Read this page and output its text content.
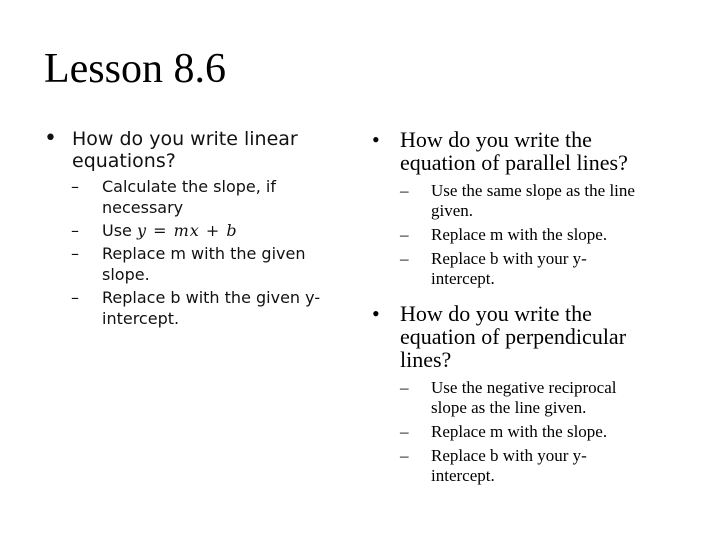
Lesson 8.6
• How do you write linear
equations?
– Calculate the slope, if
necessary
– Use y = mx + b
– Replace m with the given
slope.
– Replace b with the given y-
intercept.
• How do you write the
equation of parallel lines?
– Use the same slope as the line
given.
– Replace m with the slope.
– Replace b with your y-
intercept.
• How do you write the
equation of perpendicular
lines?
– Use the negative reciprocal
slope as the line given.
– Replace m with the slope.
– Replace b with your y-
intercept.
